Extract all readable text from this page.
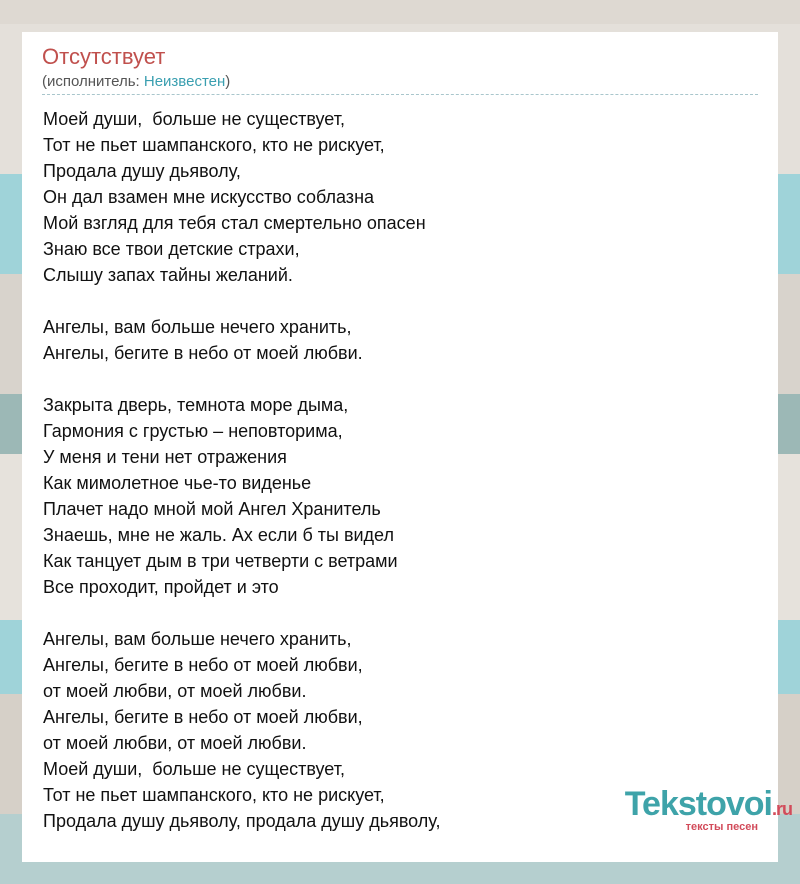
Отсутствует
(исполнитель: Неизвестен)
Моей души,  больше не существует,
Тот не пьет шампанского, кто не рискует,
Продала душу дьяволу,
Он дал взамен мне искусство соблазна
Мой взгляд для тебя стал смертельно опасен
Знаю все твои детские страхи,
Слышу запах тайны желаний.
Ангелы, вам больше нечего хранить,
Ангелы, бегите в небо от моей любви.
Закрыта дверь, темнота море дыма,
Гармония с грустью – неповторима,
У меня и тени нет отражения
Как мимолетное чье-то виденье
Плачет надо мной мой Ангел Хранитель
Знаешь, мне не жаль. Ах если б ты видел
Как танцует дым в три четверти с ветрами
Все проходит, пройдет и это
Ангелы, вам больше нечего хранить,
Ангелы, бегите в небо от моей любви,
от моей любви, от моей любви.
Ангелы, бегите в небо от моей любви,
от моей любви, от моей любви.
Моей души,  больше не существует,
Тот не пьет шампанского, кто не рискует,
Продала душу дьяволу, продала душу дьяволу,	Tekstovoi.ru
тексты песен
